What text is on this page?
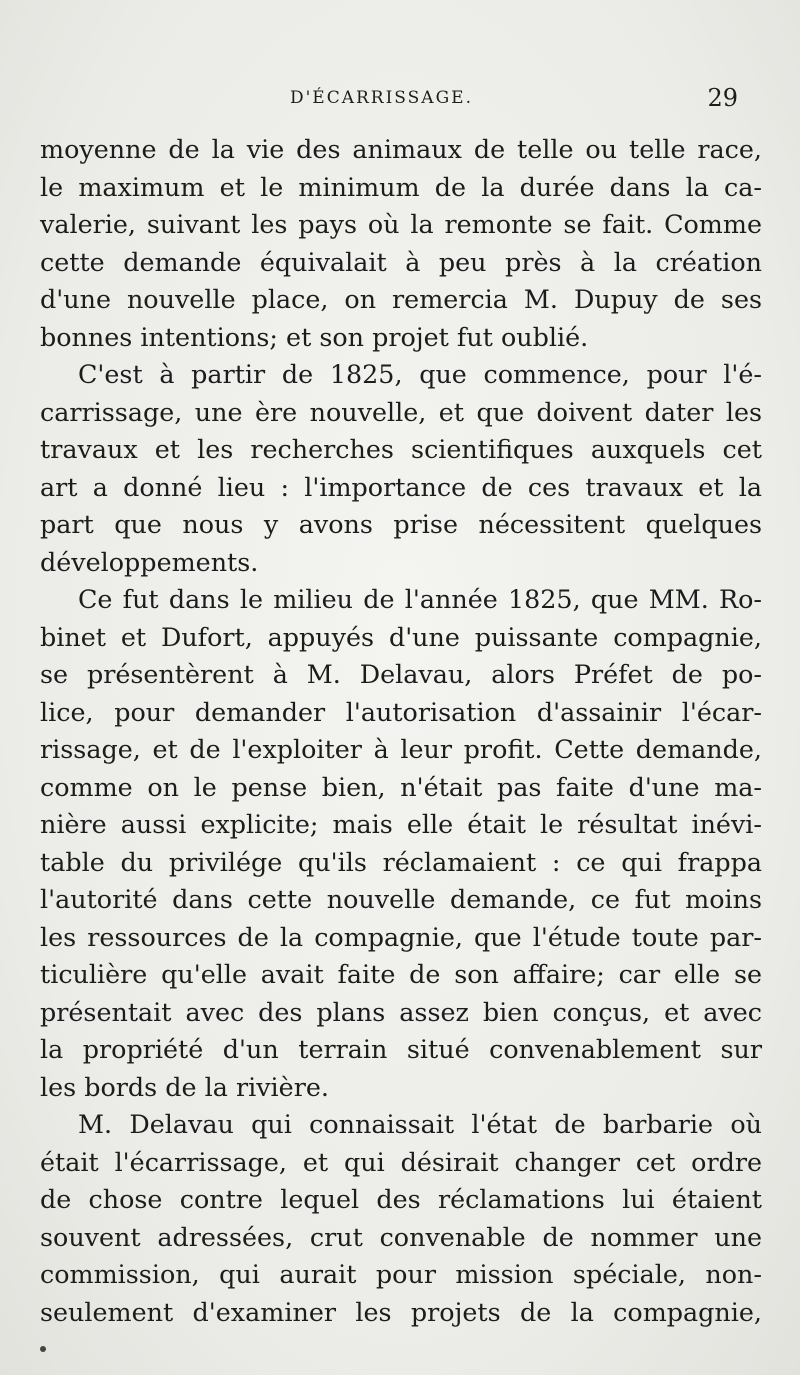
D'ÉCARRISSAGE.	29
moyenne de la vie des animaux de telle ou telle race,
le maximum et le minimum de la durée dans la ca-
valerie, suivant les pays où la remonte se fait. Comme
cette demande équivalait à peu près à la création
d'une nouvelle place, on remercia M. Dupuy de ses
bonnes intentions; et son projet fut oublié.
C'est à partir de 1825, que commence, pour l'é-
carrissage, une ère nouvelle, et que doivent dater les
travaux et les recherches scientifiques auxquels cet
art a donné lieu : l'importance de ces travaux et la
part que nous y avons prise nécessitent quelques
développements.
Ce fut dans le milieu de l'année 1825, que MM. Ro-
binet et Dufort, appuyés d'une puissante compagnie,
se présentèrent à M. Delavau, alors Préfet de po-
lice, pour demander l'autorisation d'assainir l'écar-
rissage, et de l'exploiter à leur profit. Cette demande,
comme on le pense bien, n'était pas faite d'une ma-
nière aussi explicite; mais elle était le résultat inévi-
table du privilége qu'ils réclamaient : ce qui frappa
l'autorité dans cette nouvelle demande, ce fut moins
les ressources de la compagnie, que l'étude toute par-
ticulière qu'elle avait faite de son affaire; car elle se
présentait avec des plans assez bien conçus, et avec
la propriété d'un terrain situé convenablement sur
les bords de la rivière.
M. Delavau qui connaissait l'état de barbarie où
était l'écarrissage, et qui désirait changer cet ordre
de chose contre lequel des réclamations lui étaient
souvent adressées, crut convenable de nommer une
commission, qui aurait pour mission spéciale, non-
seulement d'examiner les projets de la compagnie,
